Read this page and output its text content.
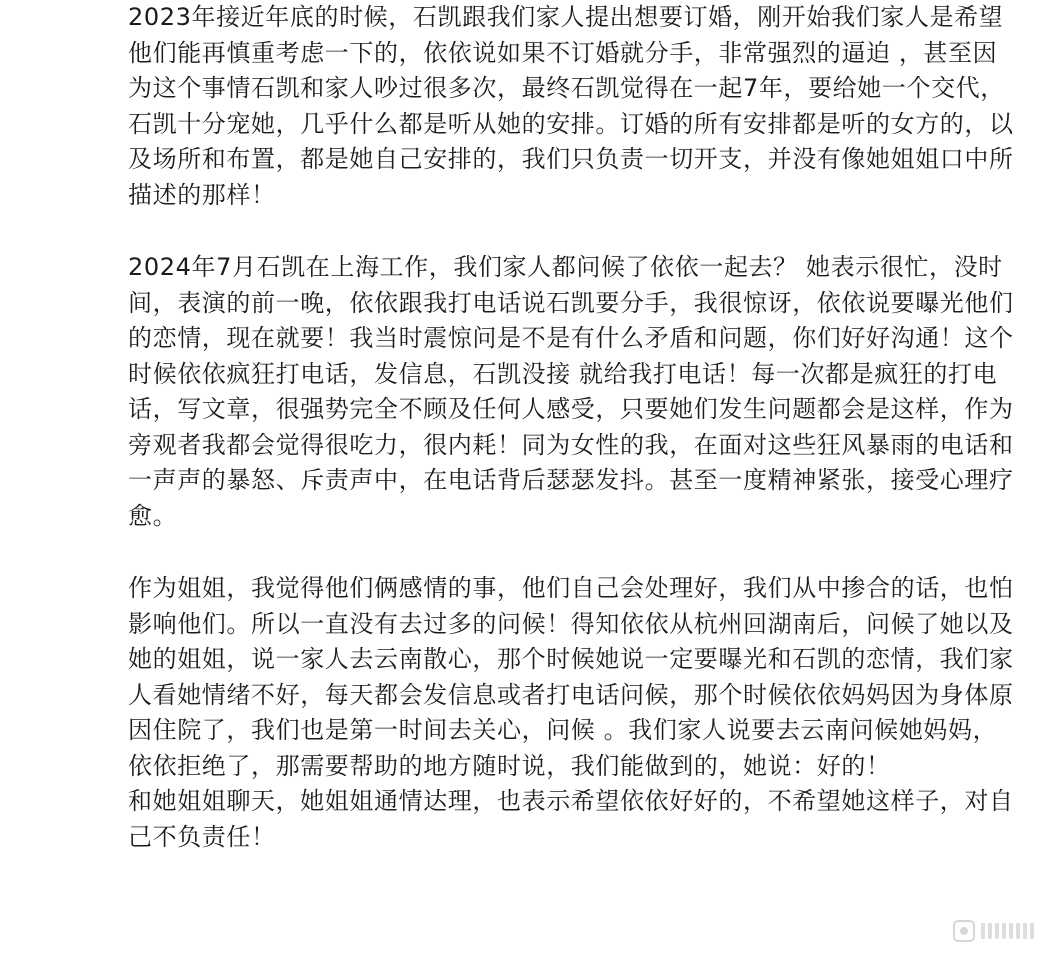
2023年接近年底的时候，石凯跟我们家人提出想要订婚，刚开始我们家人是希望
他们能再慎重考虑一下的，依依说如果不订婚就分手，非常强烈的逼迫 ，甚至因
为这个事情石凯和家人吵过很多次，最终石凯觉得在一起7年，要给她一个交代，
石凯十分宠她，几乎什么都是听从她的安排。订婚的所有安排都是听的女方的，以
及场所和布置，都是她自己安排的，我们只负责一切开支，并没有像她姐姐口中所
描述的那样！
2024年7月石凯在上海工作，我们家人都问候了依依一起去？ 她表示很忙，没时
间，表演的前一晚，依依跟我打电话说石凯要分手，我很惊讶，依依说要曝光他们
的恋情，现在就要！我当时震惊问是不是有什么矛盾和问题，你们好好沟通！这个
时候依依疯狂打电话，发信息，石凯没接 就给我打电话！每一次都是疯狂的打电
话，写文章，很强势完全不顾及任何人感受，只要她们发生问题都会是这样，作为
旁观者我都会觉得很吃力，很内耗！同为女性的我，在面对这些狂风暴雨的电话和
一声声的暴怒、斥责声中，在电话背后瑟瑟发抖。甚至一度精神紧张，接受心理疗
愈。
作为姐姐，我觉得他们俩感情的事，他们自己会处理好，我们从中掺合的话，也怕
影响他们。所以一直没有去过多的问候！得知依依从杭州回湖南后，问候了她以及
她的姐姐，说一家人去云南散心，那个时候她说一定要曝光和石凯的恋情，我们家
人看她情绪不好，每天都会发信息或者打电话问候，那个时候依依妈妈因为身体原
因住院了，我们也是第一时间去关心，问候 。我们家人说要去云南问候她妈妈，
依依拒绝了，那需要帮助的地方随时说，我们能做到的，她说：好的！
和她姐姐聊天，她姐姐通情达理，也表示希望依依好好的，不希望她这样子，对自
己不负责任！
